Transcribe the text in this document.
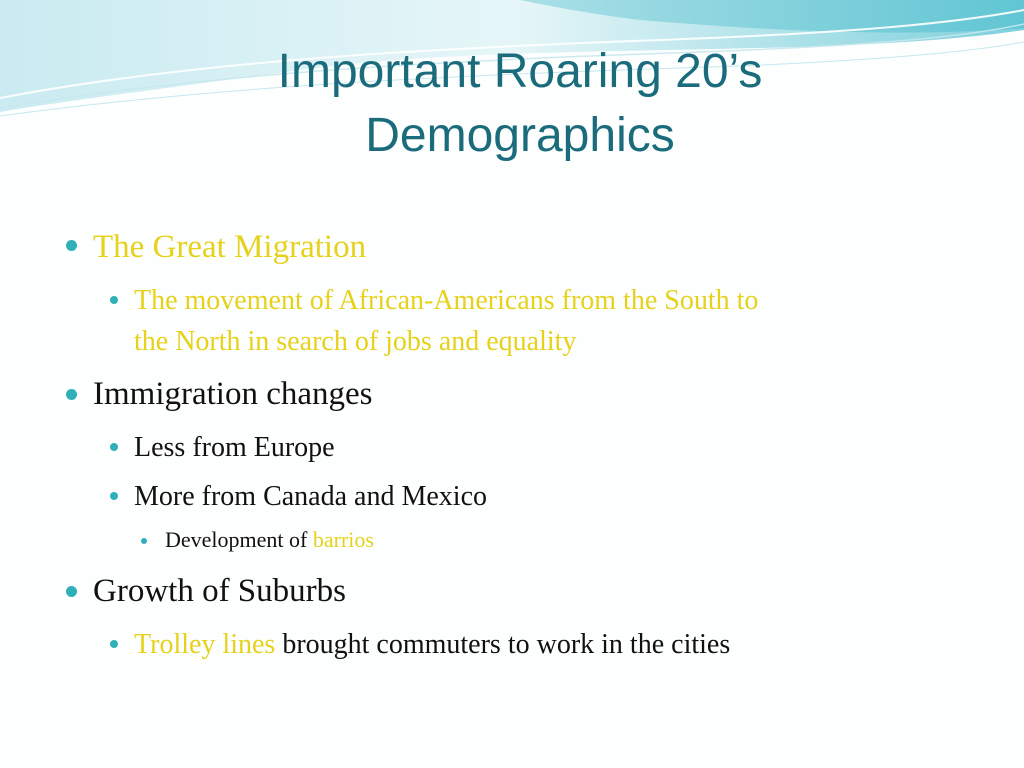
Important Roaring 20’s
Demographics
The Great Migration
The movement of African-Americans from the South to
the North in search of jobs and equality
Immigration changes
Less from Europe
More from Canada and Mexico
Development of barrios
Growth of Suburbs
Trolley lines brought commuters to work in the cities
